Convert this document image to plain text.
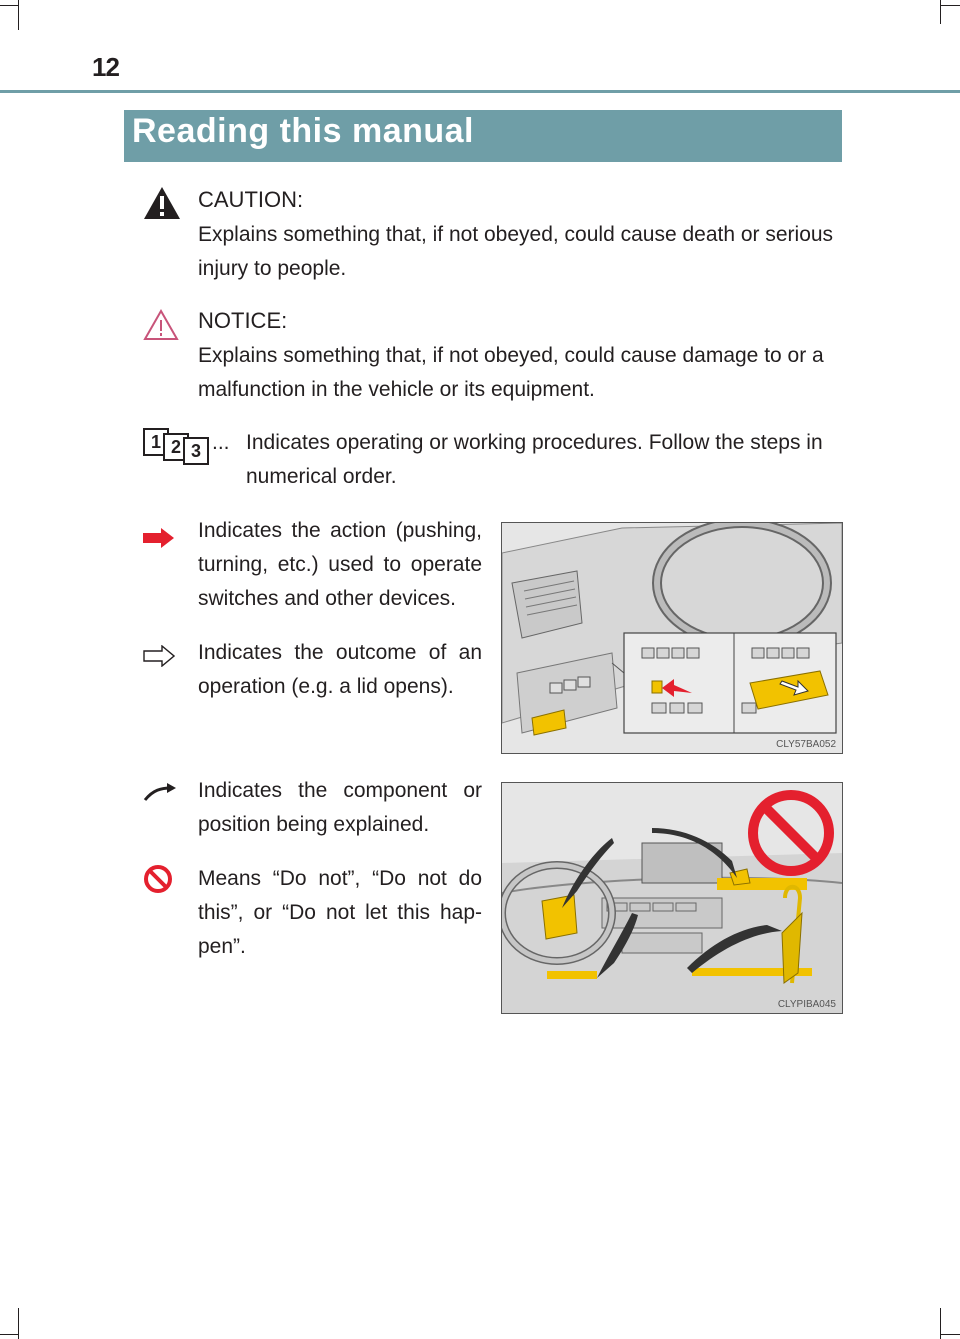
12
Reading this manual
CAUTION:
Explains something that, if not obeyed, could cause death or serious injury to people.
NOTICE:
Explains something that, if not obeyed, could cause damage to or a malfunction in the vehicle or its equipment.
1 2 3 ... Indicates operating or working procedures. Follow the steps in numerical order.
Indicates the action (pushing, turning, etc.) used to operate switches and other devices.
Indicates the outcome of an operation (e.g. a lid opens).
CLY57BA052
Indicates the component or position being explained.
Means “Do not”, “Do not do this”, or “Do not let this hap-pen”.
CLYPIBA045
